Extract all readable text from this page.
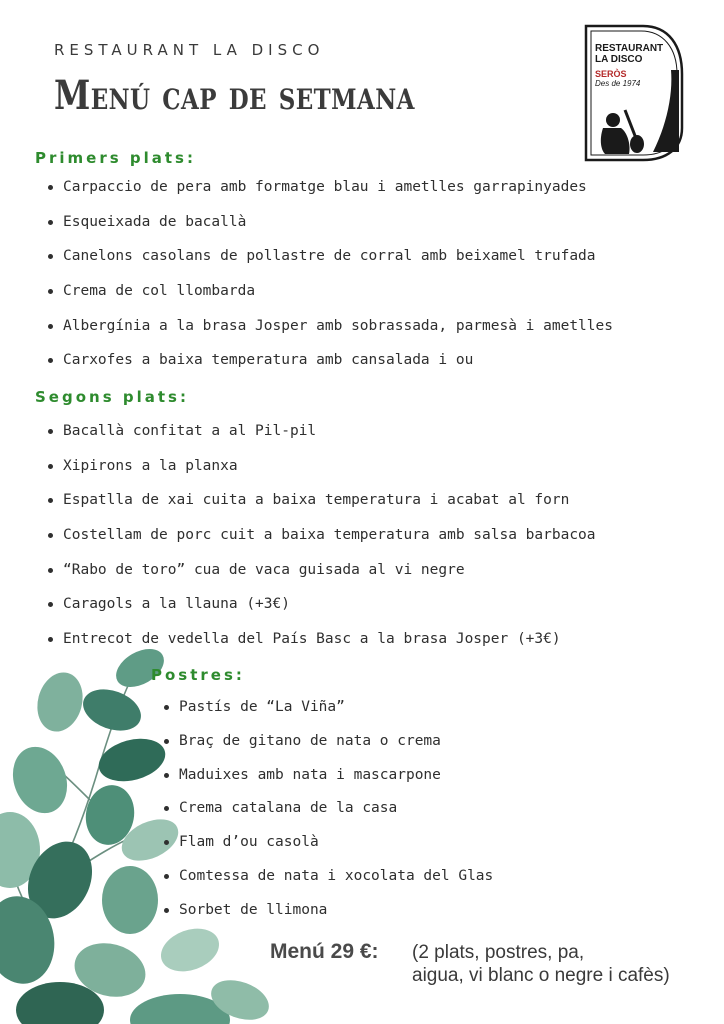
RESTAURANT LA DISCO
Menú cap de setmana
RESTAURANT
LA DISCO
SERÒS
Des de 1974
Primers plats:
Carpaccio de pera amb formatge blau i ametlles garrapinyades
Esqueixada de bacallà
Canelons casolans de pollastre de corral amb beixamel trufada
Crema de col llombarda
Albergínia a la brasa Josper amb sobrassada, parmesà i ametlles
Carxofes a baixa temperatura amb cansalada i ou
Segons plats:
Bacallà confitat a al Pil-pil
Xipirons a la planxa
Espatlla de xai cuita a baixa temperatura i acabat al forn
Costellam de porc cuit a baixa temperatura amb salsa barbacoa
“Rabo de toro” cua de vaca guisada al vi negre
Caragols a la llauna (+3€)
Entrecot de vedella del País Basc a la brasa Josper (+3€)
Postres:
Pastís de “La Viña”
Braç de gitano de nata o crema
Maduixes amb nata i mascarpone
Crema catalana de la casa
Flam d’ou casolà
Comtessa de nata i xocolata del Glas
Sorbet de llimona
Menú 29 €: (2 plats, postres, pa,
aigua, vi blanc o negre i cafès)
